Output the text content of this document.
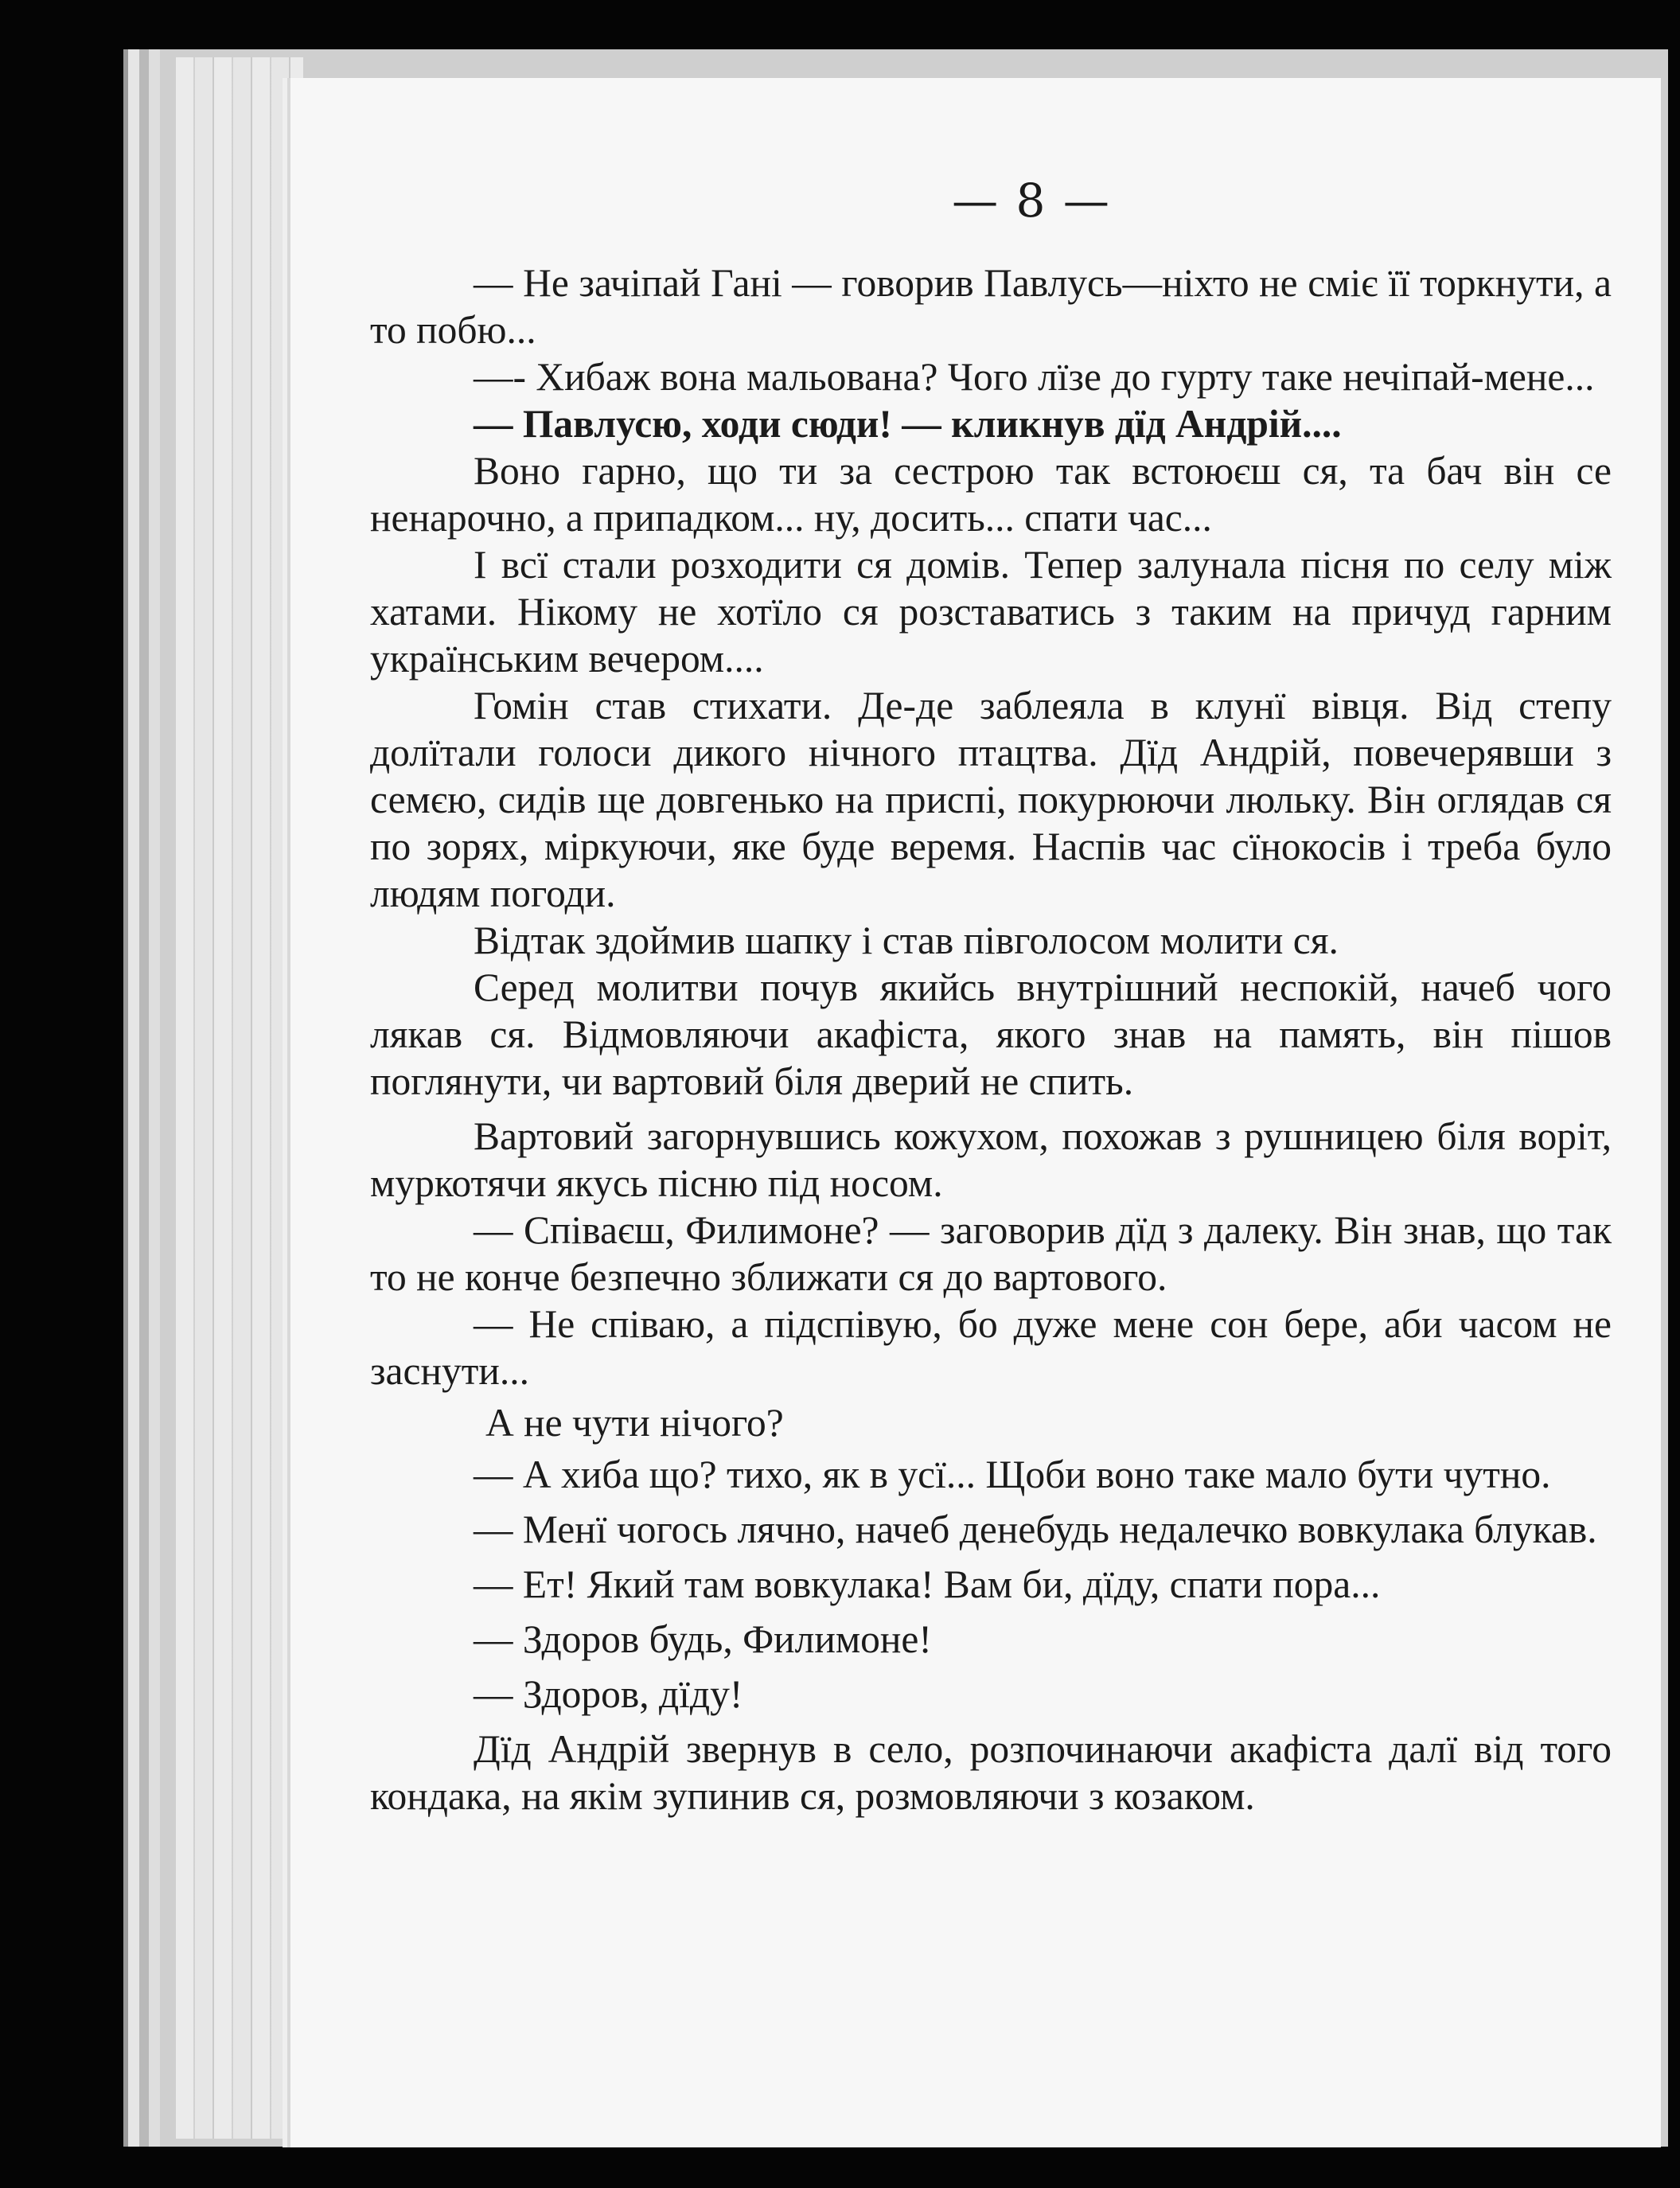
— 8 —

— Не зачіпай Гані — говорив Павлусь—ніхто не сміє її торкнути, а то побю...

—- Хибаж вона мальована? Чого лїзе до гурту таке нечіпай-мене...

— Павлусю, ходи сюди! — кликнув дїд Андрій....

Воно гарно, що ти за сестрою так встоюєш ся, та бач він се ненарочно, а припадком... ну, досить... спати час...

І всї стали розходити ся домів. Тепер залунала пісня по селу між хатами. Нікому не хотїло ся розставатись з таким на причуд гарним українським вечером....

Гомін став стихати. Де-де заблеяла в клунї вівця. Від степу долїтали голоси дикого нічного птацтва. Дїд Андрій, повечерявши з семєю, сидів ще довгенько на приспі, покурюючи люльку. Він оглядав ся по зорях, міркуючи, яке буде веремя. Наспів час сїнокосів і треба було людям погоди.

Відтак здоймив шапку і став півголосом молити ся.

Серед молитви почув якийсь внутрішний неспокій, начеб чого лякав ся. Відмовляючи акафіста, якого знав на память, він пішов поглянути, чи вартовий біля дверий не спить.

Вартовий загорнувшись кожухом, похожав з рушницею біля воріт, муркотячи якусь пісню під носом.

— Співаєш, Филимоне? — заговорив дїд з далеку. Він знав, що так то не конче безпечно зближати ся до вартового.

— Не співаю, а підспівую, бо дуже мене сон бере, аби часом не заснути...

А не чути нічого?

— А хиба що? тихо, як в усї... Щоби воно таке мало бути чутно.

— Менї чогось лячно, начеб денебудь недалечко вовкулака блукав.

— Ет! Який там вовкулака! Вам би, дїду, спати пора...

— Здоров будь, Филимоне!

— Здоров, дїду!

Дїд Андрій звернув в село, розпочинаючи акафіста далї від того кондака, на якім зупинив ся, розмовляючи з козаком.
